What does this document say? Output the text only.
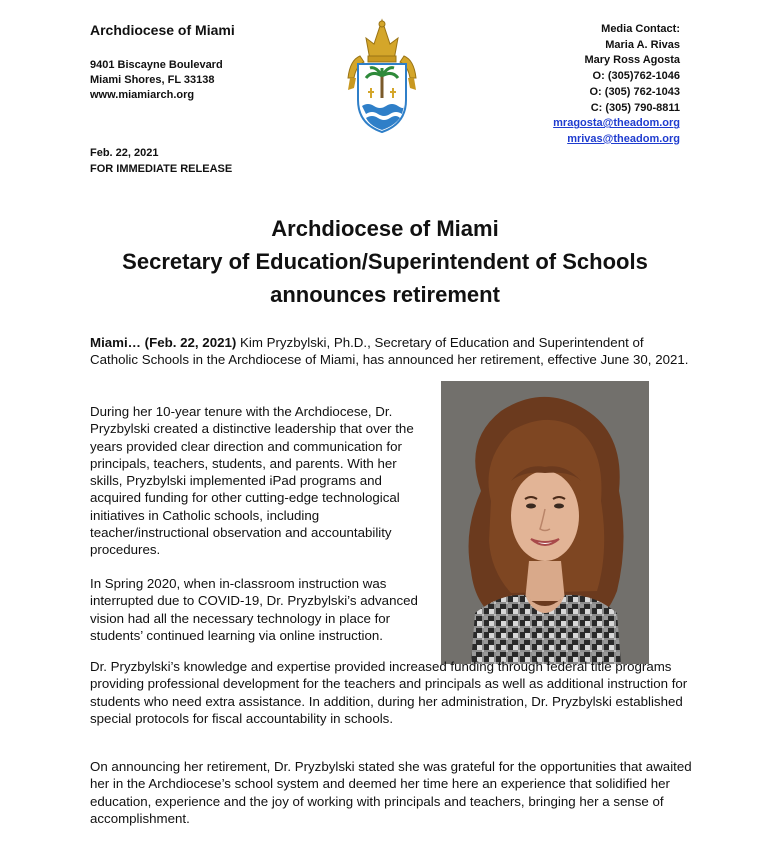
Archdiocese of Miami
9401 Biscayne Boulevard
Miami Shores, FL 33138
www.miamiarch.org
Media Contact:
Maria A. Rivas
Mary Ross Agosta
O: (305)762-1046
O: (305) 762-1043
C: (305) 790-8811
mragosta@theadom.org
mrivas@theadom.org
Feb. 22, 2021
FOR IMMEDIATE RELEASE
Archdiocese of Miami
Secretary of Education/Superintendent of Schools
announces retirement

Miami… (Feb. 22, 2021) Kim Pryzbylski, Ph.D., Secretary of Education and Superintendent of Catholic Schools in the Archdiocese of Miami, has announced her retirement, effective June 30, 2021.

During her 10-year tenure with the Archdiocese, Dr. Pryzbylski created a distinctive leadership that over the years provided clear direction and communication for principals, teachers, students, and parents. With her skills, Pryzbylski implemented iPad programs and acquired funding for other cutting-edge technological initiatives in Catholic schools, including teacher/instructional observation and accountability procedures.

In Spring 2020, when in-classroom instruction was interrupted due to COVID-19, Dr. Pryzbylski’s advanced vision had all the necessary technology in place for students’ continued learning via online instruction.

Dr. Pryzbylski’s knowledge and expertise provided increased funding through federal title programs providing professional development for the teachers and principals as well as additional instruction for students who need extra assistance. In addition, during her administration, Dr. Pryzbylski established special protocols for fiscal accountability in schools.

On announcing her retirement, Dr. Pryzbylski stated she was grateful for the opportunities that awaited her in the Archdiocese’s school system and deemed her time here an experience that solidified her education, experience and the joy of working with principals and teachers, bringing her a sense of accomplishment.
